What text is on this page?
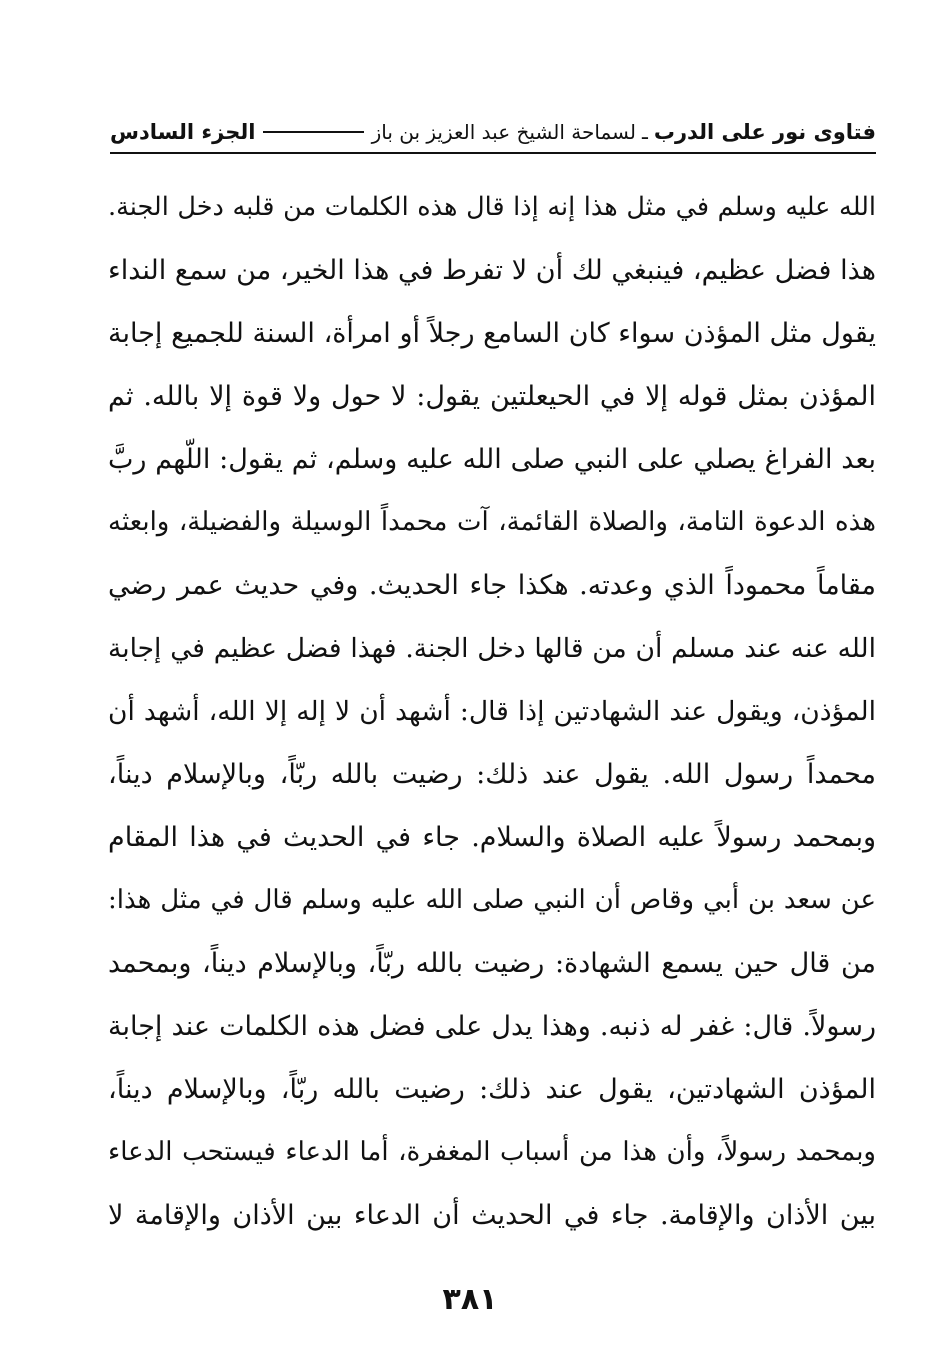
فتاوى نور على الدرب
ـ
لسماحة الشيخ عبد العزيز بن باز
الجزء السادس
الله عليه وسلم في مثل هذا إنه إذا قال هذه الكلمات من قلبه دخل الجنة.
هذا فضل عظيم، فينبغي لك أن لا تفرط في هذا الخير، من سمع النداء
يقول مثل المؤذن سواء كان السامع رجلاً أو امرأة، السنة للجميع إجابة
المؤذن بمثل قوله إلا في الحيعلتين يقول: لا حول ولا قوة إلا بالله. ثم
بعد الفراغ يصلي على النبي صلى الله عليه وسلم، ثم يقول: اللّهم ربَّ
هذه الدعوة التامة، والصلاة القائمة، آت محمداً الوسيلة والفضيلة، وابعثه
مقاماً محموداً الذي وعدته. هكذا جاء الحديث. وفي حديث عمر رضي
الله عنه عند مسلم أن من قالها دخل الجنة. فهذا فضل عظيم في إجابة
المؤذن، ويقول عند الشهادتين إذا قال: أشهد أن لا إله إلا الله، أشهد أن
محمداً رسول الله. يقول عند ذلك: رضيت بالله ربّاً، وبالإسلام ديناً،
وبمحمد رسولاً عليه الصلاة والسلام. جاء في الحديث في هذا المقام
عن سعد بن أبي وقاص أن النبي صلى الله عليه وسلم قال في مثل هذا:
من قال حين يسمع الشهادة: رضيت بالله ربّاً، وبالإسلام ديناً، وبمحمد
رسولاً. قال: غفر له ذنبه. وهذا يدل على فضل هذه الكلمات عند إجابة
المؤذن الشهادتين، يقول عند ذلك: رضيت بالله ربّاً، وبالإسلام ديناً،
وبمحمد رسولاً، وأن هذا من أسباب المغفرة، أما الدعاء فيستحب الدعاء
بين الأذان والإقامة. جاء في الحديث أن الدعاء بين الأذان والإقامة لا
٣٨١
